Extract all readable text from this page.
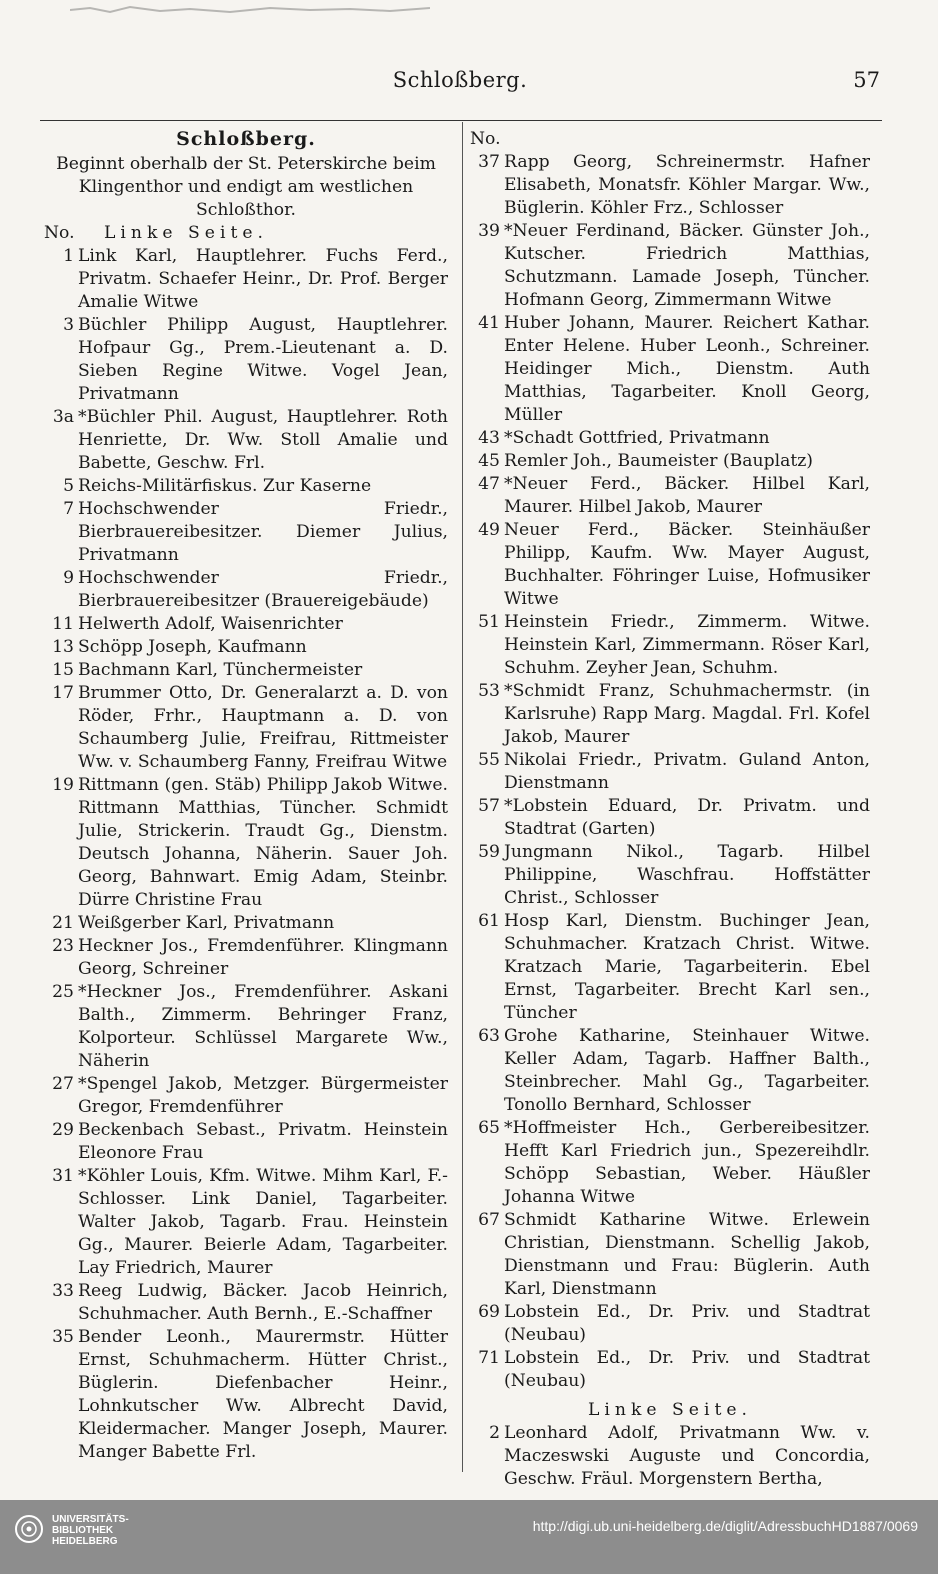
Schloßberg.	57
Schloßberg.
Beginnt oberhalb der St. Peterskirche beim Klingenthor und endigt am westlichen Schloßthor.
No.	Linke Seite.
1 Link Karl, Hauptlehrer. Fuchs Ferd., Privatm. Schaefer Heinr., Dr. Prof. Berger Amalie Witwe
3 Büchler Philipp August, Hauptlehrer. Hofpaur Gg., Prem.-Lieutenant a. D. Sieben Regine Witwe. Vogel Jean, Privatmann
3a *Büchler Phil. August, Hauptlehrer. Roth Henriette, Dr. Ww. Stoll Amalie und Babette, Geschw. Frl.
5 Reichs-Militärfiskus. Zur Kaserne
7 Hochschwender Friedr., Bierbrauereibesitzer. Diemer Julius, Privatmann
9 Hochschwender Friedr., Bierbrauereibesitzer (Brauereigebäude)
11 Helwerth Adolf, Waisenrichter
13 Schöpp Joseph, Kaufmann
15 Bachmann Karl, Tünchermeister
17 Brummer Otto, Dr. Generalarzt a. D. von Röder, Frhr., Hauptmann a. D. von Schaumberg Julie, Freifrau, Rittmeister Ww. v. Schaumberg Fanny, Freifrau Witwe
19 Rittmann (gen. Stäb) Philipp Jakob Witwe. Rittmann Matthias, Tüncher. Schmidt Julie, Strickerin. Traudt Gg., Dienstm. Deutsch Johanna, Näherin. Sauer Joh. Georg, Bahnwart. Emig Adam, Steinbr. Dürre Christine Frau
21 Weißgerber Karl, Privatmann
23 Heckner Jos., Fremdenführer. Klingmann Georg, Schreiner
25 *Heckner Jos., Fremdenführer. Askani Balth., Zimmerm. Behringer Franz, Kolporteur. Schlüssel Margarete Ww., Näherin
27 *Spengel Jakob, Metzger. Bürgermeister Gregor, Fremdenführer
29 Beckenbach Sebast., Privatm. Heinstein Eleonore Frau
31 *Köhler Louis, Kfm. Witwe. Mihm Karl, F.-Schlosser. Link Daniel, Tagarbeiter. Walter Jakob, Tagarb. Frau. Heinstein Gg., Maurer. Beierle Adam, Tagarbeiter. Lay Friedrich, Maurer
33 Reeg Ludwig, Bäcker. Jacob Heinrich, Schuhmacher. Auth Bernh., E.-Schaffner
35 Bender Leonh., Maurermstr. Hütter Ernst, Schuhmacherm. Hütter Christ., Büglerin. Diefenbacher Heinr., Lohnkutscher Ww. Albrecht David, Kleidermacher. Manger Joseph, Maurer. Manger Babette Frl.
No.
37 Rapp Georg, Schreinermstr. Hafner Elisabeth, Monatsfr. Köhler Margar. Ww., Büglerin. Köhler Frz., Schlosser
39 *Neuer Ferdinand, Bäcker. Günster Joh., Kutscher. Friedrich Matthias, Schutzmann. Lamade Joseph, Tüncher. Hofmann Georg, Zimmermann Witwe
41 Huber Johann, Maurer. Reichert Kathar. Enter Helene. Huber Leonh., Schreiner. Heidinger Mich., Dienstm. Auth Matthias, Tagarbeiter. Knoll Georg, Müller
43 *Schadt Gottfried, Privatmann
45 Remler Joh., Baumeister (Bauplatz)
47 *Neuer Ferd., Bäcker. Hilbel Karl, Maurer. Hilbel Jakob, Maurer
49 Neuer Ferd., Bäcker. Steinhäußer Philipp, Kaufm. Ww. Mayer August, Buchhalter. Föhringer Luise, Hofmusiker Witwe
51 Heinstein Friedr., Zimmerm. Witwe. Heinstein Karl, Zimmermann. Röser Karl, Schuhm. Zeyher Jean, Schuhm.
53 *Schmidt Franz, Schuhmachermstr. (in Karlsruhe) Rapp Marg. Magdal. Frl. Kofel Jakob, Maurer
55 Nikolai Friedr., Privatm. Guland Anton, Dienstmann
57 *Lobstein Eduard, Dr. Privatm. und Stadtrat (Garten)
59 Jungmann Nikol., Tagarb. Hilbel Philippine, Waschfrau. Hoffstätter Christ., Schlosser
61 Hosp Karl, Dienstm. Buchinger Jean, Schuhmacher. Kratzach Christ. Witwe. Kratzach Marie, Tagarbeiterin. Ebel Ernst, Tagarbeiter. Brecht Karl sen., Tüncher
63 Grohe Katharine, Steinhauer Witwe. Keller Adam, Tagarb. Haffner Balth., Steinbrecher. Mahl Gg., Tagarbeiter. Tonollo Bernhard, Schlosser
65 *Hoffmeister Hch., Gerbereibesitzer. Hefft Karl Friedrich jun., Spezereihdlr. Schöpp Sebastian, Weber. Häußler Johanna Witwe
67 Schmidt Katharine Witwe. Erlewein Christian, Dienstmann. Schellig Jakob, Dienstmann und Frau: Büglerin. Auth Karl, Dienstmann
69 Lobstein Ed., Dr. Priv. und Stadtrat (Neubau)
71 Lobstein Ed., Dr. Priv. und Stadtrat (Neubau)
Linke Seite.
2 Leonhard Adolf, Privatmann Ww. v. Maczeswski Auguste und Concordia, Geschw. Fräul. Morgenstern Bertha,
UNIVERSITÄTS-
BIBLIOTHEK
HEIDELBERG
http://digi.ub.uni-heidelberg.de/diglit/AdressbuchHD1887/0069
